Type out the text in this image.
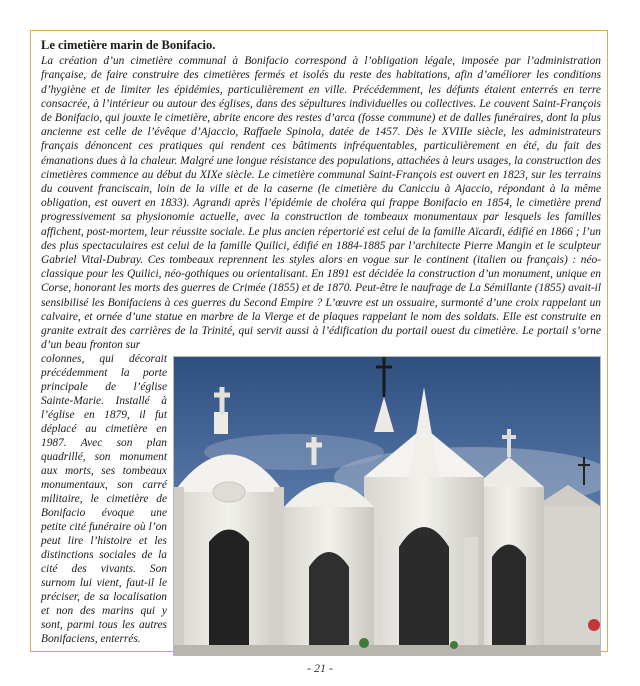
Le cimetière marin de Bonifacio.

La création d’un cimetière communal à Bonifacio correspond à l’obligation légale, imposée par l’administration française, de faire construire des cimetières fermés et isolés du reste des habitations, afin d’améliorer les conditions d’hygiène et de limiter les épidémies, particulièrement en ville. Précédemment, les défunts étaient enterrés en terre consacrée, à l’intérieur ou autour des églises, dans des sépultures individuelles ou collectives. Le couvent Saint-François de Bonifacio, qui jouxte le cimetière, abrite encore des restes d’arca (fosse commune) et de dalles funéraires, dont la plus ancienne est celle de l’évêque d’Ajaccio, Raffaele Spinola, datée de 1457. Dès le XVIIIe siècle, les administrateurs français dénoncent ces pratiques qui rendent ces bâtiments infréquentables, particulièrement en été, du fait des émanations dues à la chaleur. Malgré une longue résistance des populations, attachées à leurs usages, la construction des cimetières commence au début du XIXe siècle. Le cimetière communal Saint-François est ouvert en 1823, sur les terrains du couvent franciscain, loin de la ville et de la caserne (le cimetière du Canicciu à Ajaccio, répondant à la même obligation, est ouvert en 1833). Agrandi après l’épidémie de choléra qui frappe Bonifacio en 1854, le cimetière prend progressivement sa physionomie actuelle, avec la construction de tombeaux monumentaux par lesquels les familles affichent, post-mortem, leur réussite sociale. Le plus ancien répertorié est celui de la famille Aïcardi, édifié en 1866 ; l’un des plus spectaculaires est celui de la famille Quilici, édifié en 1884-1885 par l’architecte Pierre Mangin et le sculpteur Gabriel Vital-Dubray. Ces tombeaux reprennent les styles alors en vogue sur le continent (italien ou français) : néo-classique pour les Quilici, néo-gothiques ou orientalisant. En 1891 est décidée la construction d’un monument, unique en Corse, honorant les morts des guerres de Crimée (1855) et de 1870. Peut-être le naufrage de La Sémillante (1855) avait-il sensibilisé les Bonifaciens à ces guerres du Second Empire ? L’œuvre est un ossuaire, surmonté d’une croix rappelant un calvaire, et ornée d’une statue en marbre de la Vierge et de plaques rappelant le nom des soldats. Elle est construite en granite extrait des carrières de la Trinité, qui servit aussi à l’édification du portail ouest du cimetière. Le portail s’orne d’un beau fronton sur

colonnes, qui décorait précédemment la porte principale de l’église Sainte-Marie. Installé à l’église en 1879, il fut déplacé au cimetière en 1987. Avec son plan quadrillé, son monument aux morts, ses tombeaux monumentaux, son carré militaire, le cimetière de Bonifacio évoque une petite cité funéraire où l’on peut lire l’histoire et les distinctions sociales de la cité des vivants. Son surnom lui vient, faut-il le préciser, de sa localisation et non des marins qui y sont, parmi tous les autres Bonifaciens, enterrés.
- 21 -
